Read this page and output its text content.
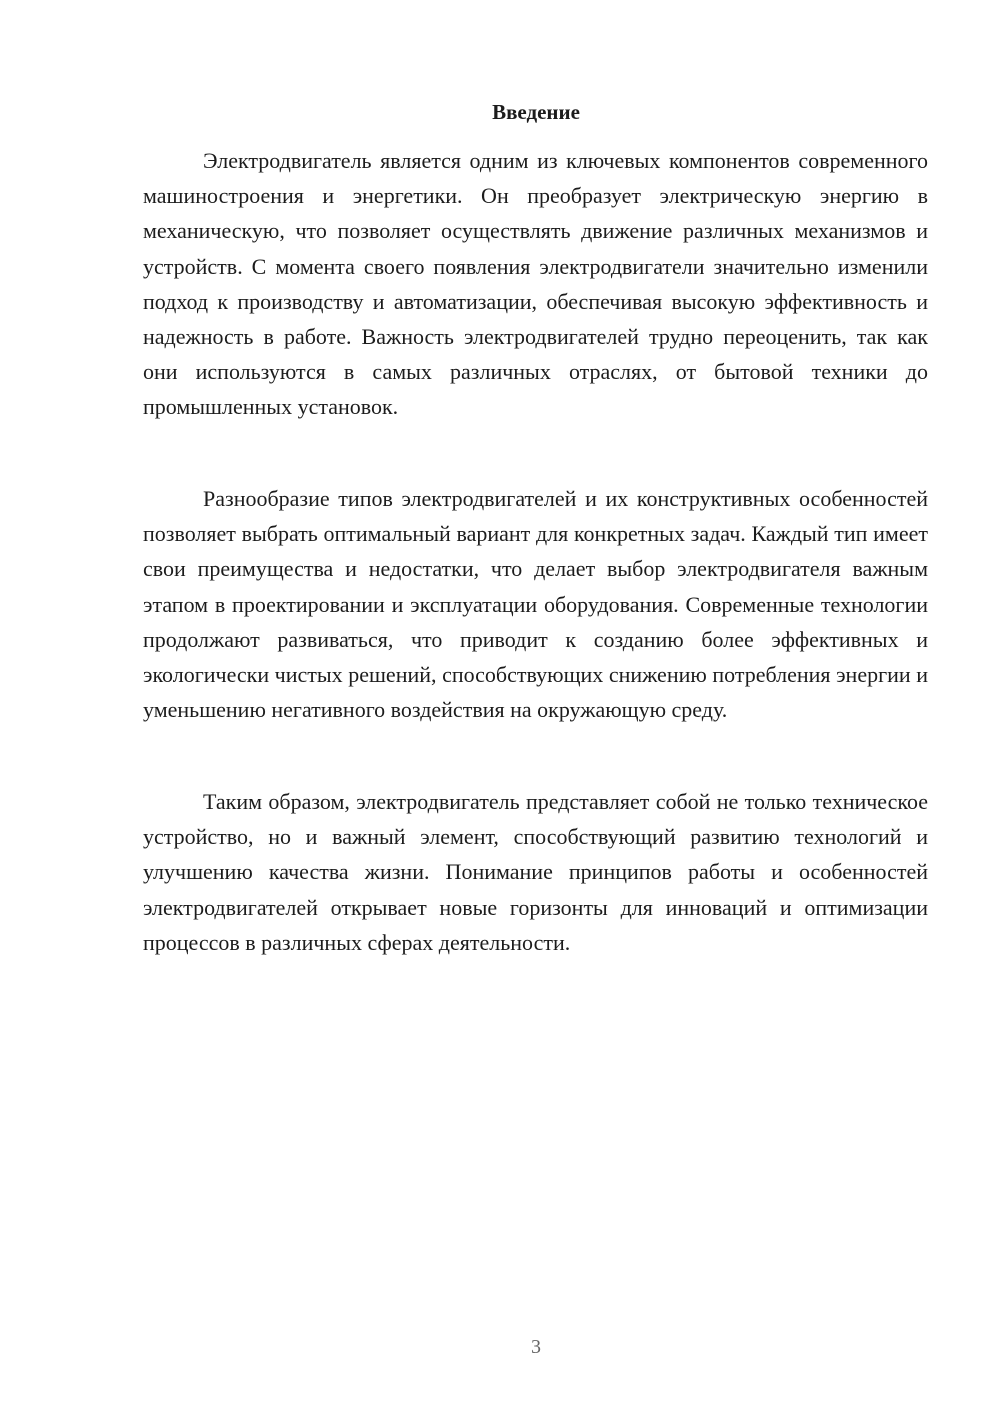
Введение

Электродвигатель является одним из ключевых компонентов современного машиностроения и энергетики. Он преобразует электрическую энергию в механическую, что позволяет осуществлять движение различных механизмов и устройств. С момента своего появления электродвигатели значительно изменили подход к производству и автоматизации, обеспечивая высокую эффективность и надежность в работе. Важность электродвигателей трудно переоценить, так как они используются в самых различных отраслях, от бытовой техники до промышленных установок.

Разнообразие типов электродвигателей и их конструктивных особенностей позволяет выбрать оптимальный вариант для конкретных задач. Каждый тип имеет свои преимущества и недостатки, что делает выбор электродвигателя важным этапом в проектировании и эксплуатации оборудования. Современные технологии продолжают развиваться, что приводит к созданию более эффективных и экологически чистых решений, способствующих снижению потребления энергии и уменьшению негативного воздействия на окружающую среду.

Таким образом, электродвигатель представляет собой не только техническое устройство, но и важный элемент, способствующий развитию технологий и улучшению качества жизни. Понимание принципов работы и особенностей электродвигателей открывает новые горизонты для инноваций и оптимизации процессов в различных сферах деятельности.

3
